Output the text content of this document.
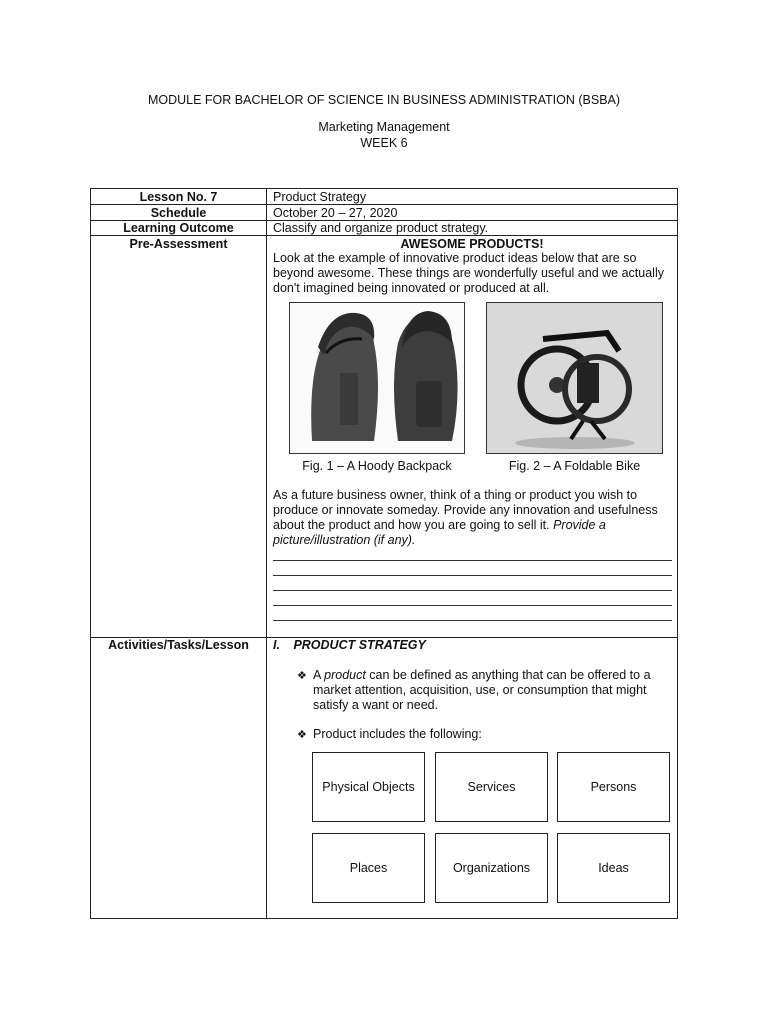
MODULE FOR BACHELOR OF SCIENCE IN BUSINESS ADMINISTRATION (BSBA)
Marketing Management
WEEK 6
Lesson No. 7	Product Strategy
Schedule	October 20 – 27, 2020
Learning Outcome	Classify and organize product strategy.
Pre-Assessment	AWESOME PRODUCTS!
Look at the example of innovative product ideas below that are so beyond awesome. These things are wonderfully useful and we actually don't imagined being innovated or produced at all.
Fig. 1 – A Hoody Backpack	Fig. 2 – A Foldable Bike
As a future business owner, think of a thing or product you wish to produce or innovate someday. Provide any innovation and usefulness about the product and how you are going to sell it. Provide a picture/illustration (if any).
Activities/Tasks/Lesson	I. PRODUCT STRATEGY
❖ A product can be defined as anything that can be offered to a market attention, acquisition, use, or consumption that might satisfy a want or need.
❖ Product includes the following:
Physical Objects	Services	Persons
Places	Organizations	Ideas
